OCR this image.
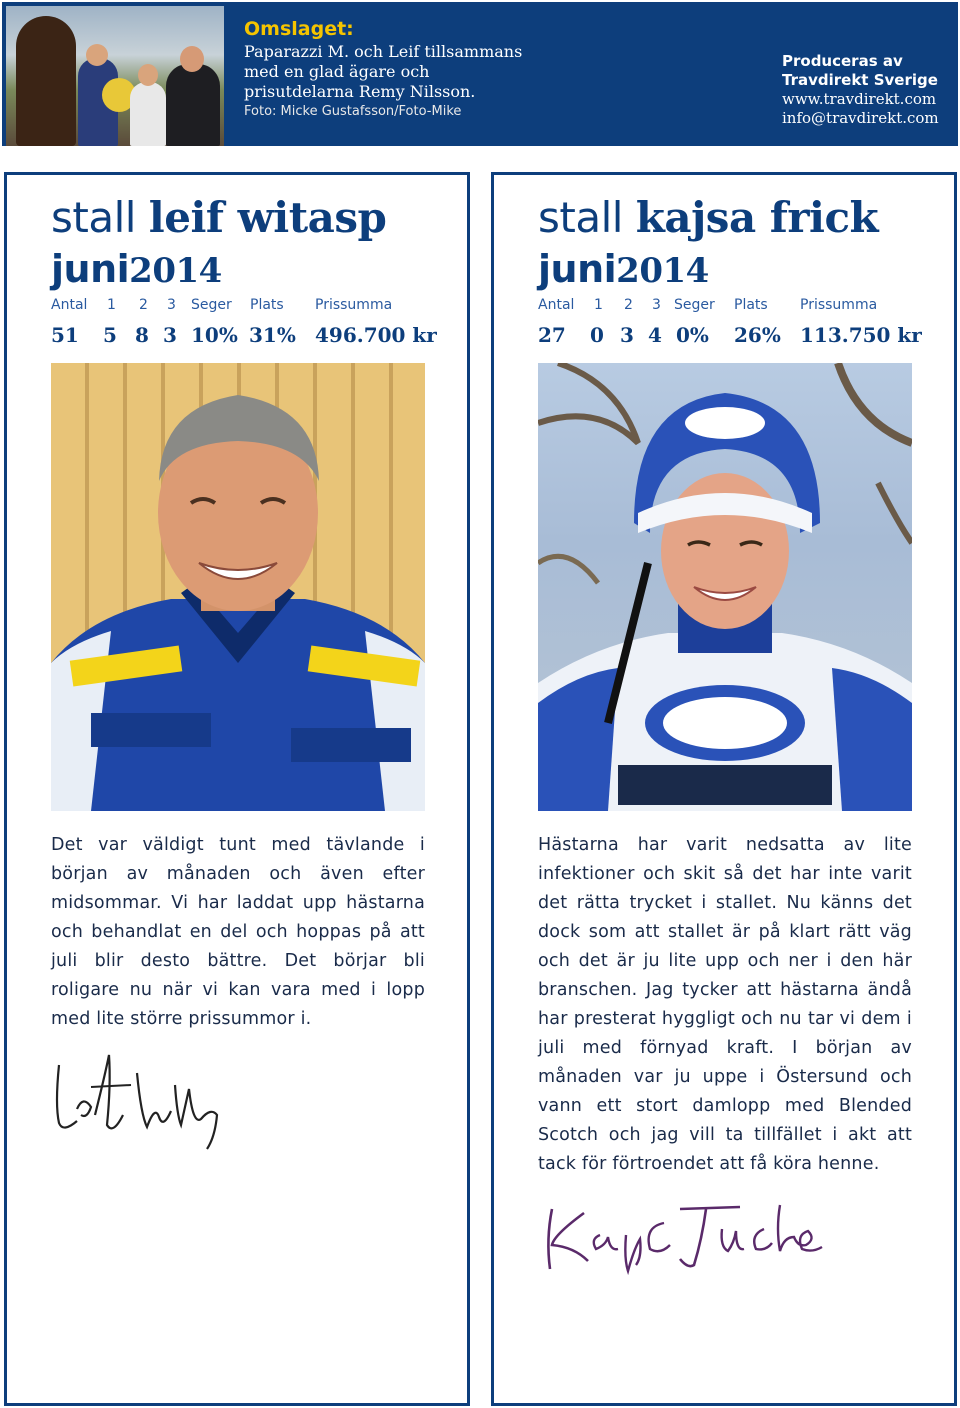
Omslaget:

Paparazzi M. och Leif tillsammans med en glad ägare och prisutdelarna Remy Nilsson.

Foto: Micke Gustafsson/Foto-Mike
Produceras av
Travdirekt Sverige
www.travdirekt.com
info@travdirekt.com
stall leif witasp
juni2014
Antal 1 2 3 Seger Plats Prissumma
51 5 8 3 10% 31% 496.700 kr

Det var väldigt tunt med tävlande i början av månaden och även efter midsommar. Vi har laddat upp hästarna och behandlat en del och hoppas på att juli blir desto bättre. Det börjar bli roligare nu när vi kan vara med i lopp med lite större prissummor i.

stall kajsa frick
juni2014
Antal 1 2 3 Seger Plats Prissumma
27 0 3 4 0% 26% 113.750 kr

Hästarna har varit nedsatta av lite infektioner och skit så det har inte varit det rätta trycket i stallet. Nu känns det dock som att stallet är på klart rätt väg och det är ju lite upp och ner i den här branschen. Jag tycker att hästarna ändå har presterat hyggligt och nu tar vi dem i juli med förnyad kraft. I början av månaden var ju uppe i Östersund och vann ett stort damlopp med Blended Scotch och jag vill ta tillfället i akt att tack för förtroendet att få köra henne.
